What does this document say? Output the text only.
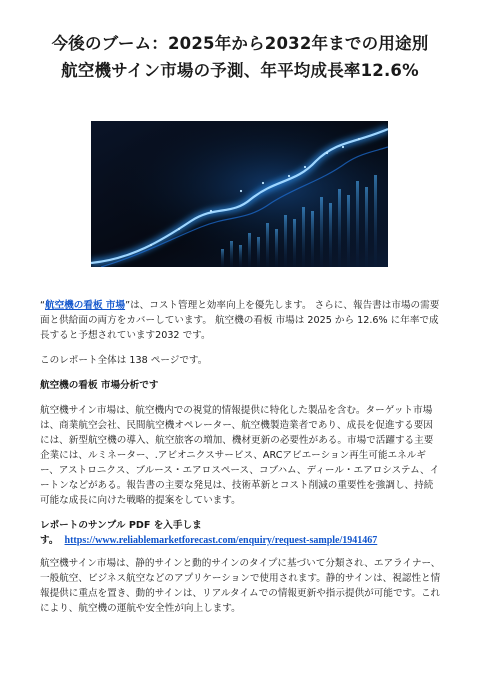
今後のブーム：2025年から2032年までの用途別
航空機サイン市場の予測、年平均成長率12.6%

“航空機の看板 市場”は、コスト管理と効率向上を優先します。 さらに、報告書は市場の需要面と供給面の両方をカバーしています。 航空機の看板 市場は 2025 から 12.6% に年率で成長すると予想されています2032 です。

このレポート全体は 138 ページです。

航空機の看板 市場分析です

航空機サイン市場は、航空機内での視覚的情報提供に特化した製品を含む。ターゲット市場は、商業航空会社、民間航空機オペレーター、航空機製造業者であり、成長を促進する要因には、新型航空機の導入、航空旅客の増加、機材更新の必要性がある。市場で活躍する主要企業には、ルミネーター、.アビオニクスサービス、ARCアビエーション再生可能エネルギー、アストロニクス、ブルース・エアロスペース、コブハム、ディール・エアロシステム、イートンなどがある。報告書の主要な発見は、技術革新とコスト削減の重要性を強調し、持続可能な成長に向けた戦略的提案をしています。

レポートのサンプル PDF を入手しま
す。 https://www.reliablemarketforecast.com/enquiry/request-sample/1941467

航空機サイン市場は、静的サインと動的サインのタイプに基づいて分類され、エアライナー、一般航空、ビジネス航空などのアプリケーションで使用されます。静的サインは、視認性と情報提供に重点を置き、動的サインは、リアルタイムでの情報更新や指示提供が可能です。これにより、航空機の運航や安全性が向上します。
